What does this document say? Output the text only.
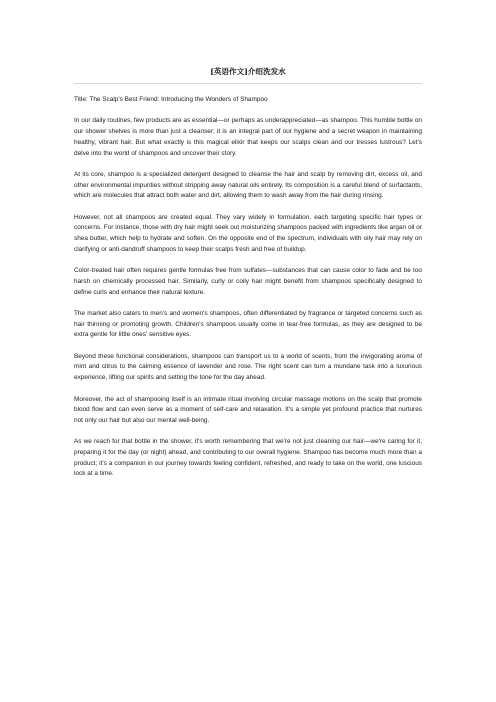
[英语作文]介绍洗发水

Title: The Scalp's Best Friend: Introducing the Wonders of Shampoo

In our daily routines, few products are as essential—or perhaps as underappreciated—as shampoo. This humble bottle on our shower shelves is more than just a cleanser; it is an integral part of our hygiene and a secret weapon in maintaining healthy, vibrant hair. But what exactly is this magical elixir that keeps our scalps clean and our tresses lustrous? Let's delve into the world of shampoos and uncover their story.

At its core, shampoo is a specialized detergent designed to cleanse the hair and scalp by removing dirt, excess oil, and other environmental impurities without stripping away natural oils entirely. Its composition is a careful blend of surfactants, which are molecules that attract both water and dirt, allowing them to wash away from the hair during rinsing.

However, not all shampoos are created equal. They vary widely in formulation, each targeting specific hair types or concerns. For instance, those with dry hair might seek out moisturizing shampoos packed with ingredients like argan oil or shea butter, which help to hydrate and soften. On the opposite end of the spectrum, individuals with oily hair may rely on clarifying or anti-dandruff shampoos to keep their scalps fresh and free of buildup.

Color-treated hair often requires gentle formulas free from sulfates—substances that can cause color to fade and be too harsh on chemically processed hair. Similarly, curly or coily hair might benefit from shampoos specifically designed to define curls and enhance their natural texture.

The market also caters to men's and women's shampoos, often differentiated by fragrance or targeted concerns such as hair thinning or promoting growth. Children's shampoos usually come in tear-free formulas, as they are designed to be extra gentle for little ones' sensitive eyes.

Beyond these functional considerations, shampoos can transport us to a world of scents, from the invigorating aroma of mint and citrus to the calming essence of lavender and rose. The right scent can turn a mundane task into a luxurious experience, lifting our spirits and setting the tone for the day ahead.

Moreover, the act of shampooing itself is an intimate ritual involving circular massage motions on the scalp that promote blood flow and can even serve as a moment of self-care and relaxation. It's a simple yet profound practice that nurtures not only our hair but also our mental well-being.

As we reach for that bottle in the shower, it's worth remembering that we're not just cleaning our hair—we're caring for it, preparing it for the day (or night) ahead, and contributing to our overall hygiene. Shampoo has become much more than a product; it's a companion in our journey towards feeling confident, refreshed, and ready to take on the world, one luscious lock at a time.
